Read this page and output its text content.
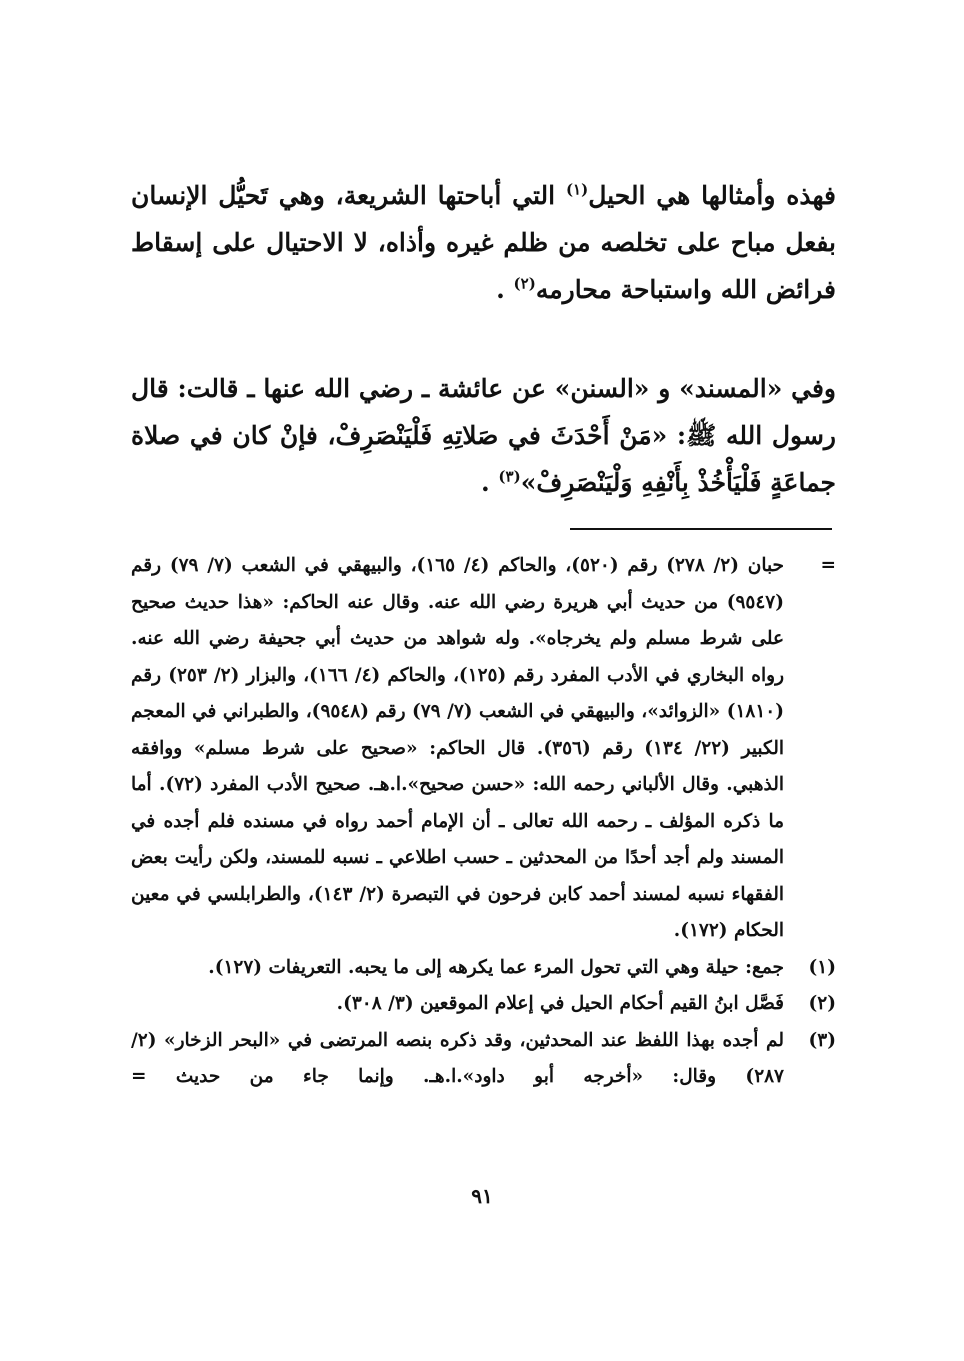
فهذه وأمثالها هي الحيل$^{(١)}$ التي أباحتها الشريعة، وهي تَحيُّل الإنسان بفعل مباح على تخلصه من ظلم غيره وأذاه، لا الاحتيال على إسقاط فرائض الله واستباحة محارمه$^{(٢)}$ .

وفي «المسند» و «السنن» عن عائشة ـ رضي الله عنها ـ قالت: قال رسول الله ﷺ: «مَنْ أَحْدَثَ في صَلاتِهِ فَلْيَنْصَرِفْ، فإنْ كان في صلاة جماعَةٍ فَلْيَأْخُذْ بِأَنْفِهِ وَلْيَنْصَرِفْ»$^{(٣)}$ .

=
حبان (٢/ ٢٧٨) رقم (٥٢٠)، والحاكم (٤/ ١٦٥)، والبيهقي في الشعب (٧/ ٧٩) رقم (٩٥٤٧) من حديث أبي هريرة رضي الله عنه. وقال عنه الحاكم: «هذا حديث صحيح على شرط مسلم ولم يخرجاه». وله شواهد من حديث أبي جحيفة رضي الله عنه. رواه البخاري في الأدب المفرد رقم (١٢٥)، والحاكم (٤/ ١٦٦)، والبزار (٢/ ٢٥٣) رقم (١٨١٠) «الزوائد»، والبيهقي في الشعب (٧/ ٧٩) رقم (٩٥٤٨)، والطبراني في المعجم الكبير (٢٢/ ١٣٤) رقم (٣٥٦). قال الحاكم: «صحيح على شرط مسلم» ووافقه الذهبي. وقال الألباني رحمه الله: «حسن صحيح».ا.هـ. صحيح الأدب المفرد (٧٢). أما ما ذكره المؤلف ـ رحمه الله تعالى ـ أن الإمام أحمد رواه في مسنده فلم أجده في المسند ولم أجد أحدًا من المحدثين ـ حسب اطلاعي ـ نسبه للمسند، ولكن رأيت بعض الفقهاء نسبه لمسند أحمد كابن فرحون في التبصرة (٢/ ١٤٣)، والطرابلسي في معين الحكام (١٧٢).
(١)
جمع: حيلة وهي التي تحول المرء عما يكرهه إلى ما يحبه. التعريفات (١٢٧).
(٢)
فَصَّل ابنُ القيم أحكام الحيل في إعلام الموقعين (٣/ ٣٠٨).
(٣)
لم أجده بهذا اللفظ عند المحدثين، وقد ذكره بنصه المرتضى في «البحر الزخار» (٢/ ٢٨٧) وقال: «أخرجه أبو داود».ا.هـ. وإنما جاء من حديث =
٩١
